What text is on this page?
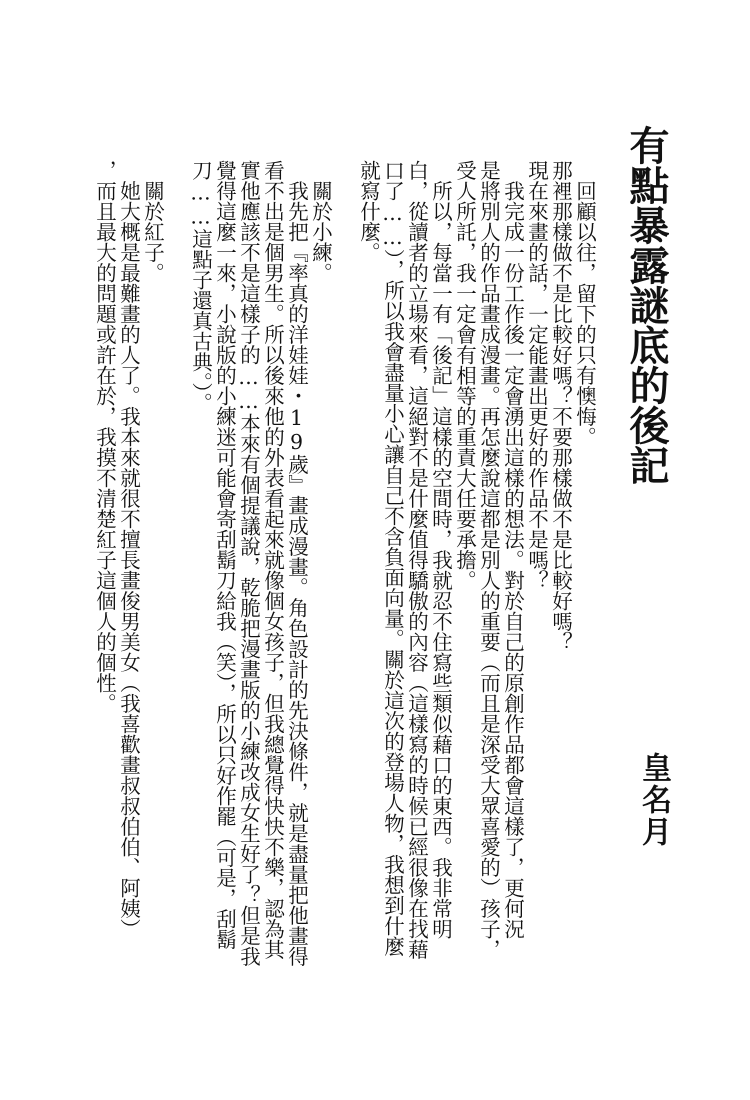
有點暴露謎底的後記
皇名月
　回顧以往，留下的只有懊悔。
那裡那樣做不是比較好嗎？不要那樣做不是比較好嗎？
現在來畫的話，一定能畫出更好的作品不是嗎？
　我完成一份工作後一定會湧出這樣的想法。對於自己的原創作品都會這樣了，更何況
是將別人的作品畫成漫畫。再怎麼說這都是別人的重要（而且是深受大眾喜愛的）孩子，
受人所託，我一定會有相等的重責大任要承擔。
　所以，每當一有「後記」這樣的空間時，我就忍不住寫些類似藉口的東西。我非常明
白，從讀者的立場來看，這絕對不是什麼值得驕傲的內容（這樣寫的時候已經很像在找藉
口了……），所以我會盡量小心讓自己不含負面向量。關於這次的登場人物，我想到什麼
就寫什麼。
　關於小練。
　我先把『率真的洋娃娃・19歲』畫成漫畫。角色設計的先決條件，就是盡量把他畫得
看不出是個男生。所以後來他的外表看起來就像個女孩子，但我總覺得快快不樂，認為其
實他應該不是這樣子的……本來有個提議說，乾脆把漫畫版的小練改成女生好了？但是我
覺得這麼一來，小說版的小練迷可能會寄刮鬍刀給我（笑），所以只好作罷（可是，刮鬍
刀……這點子還真古典。）。
　關於紅子。
　她大概是最難畫的人了。我本來就很不擅長畫俊男美女（我喜歡畫叔叔伯伯、阿姨）
，而且最大的問題或許在於，我摸不清楚紅子這個人的個性。
